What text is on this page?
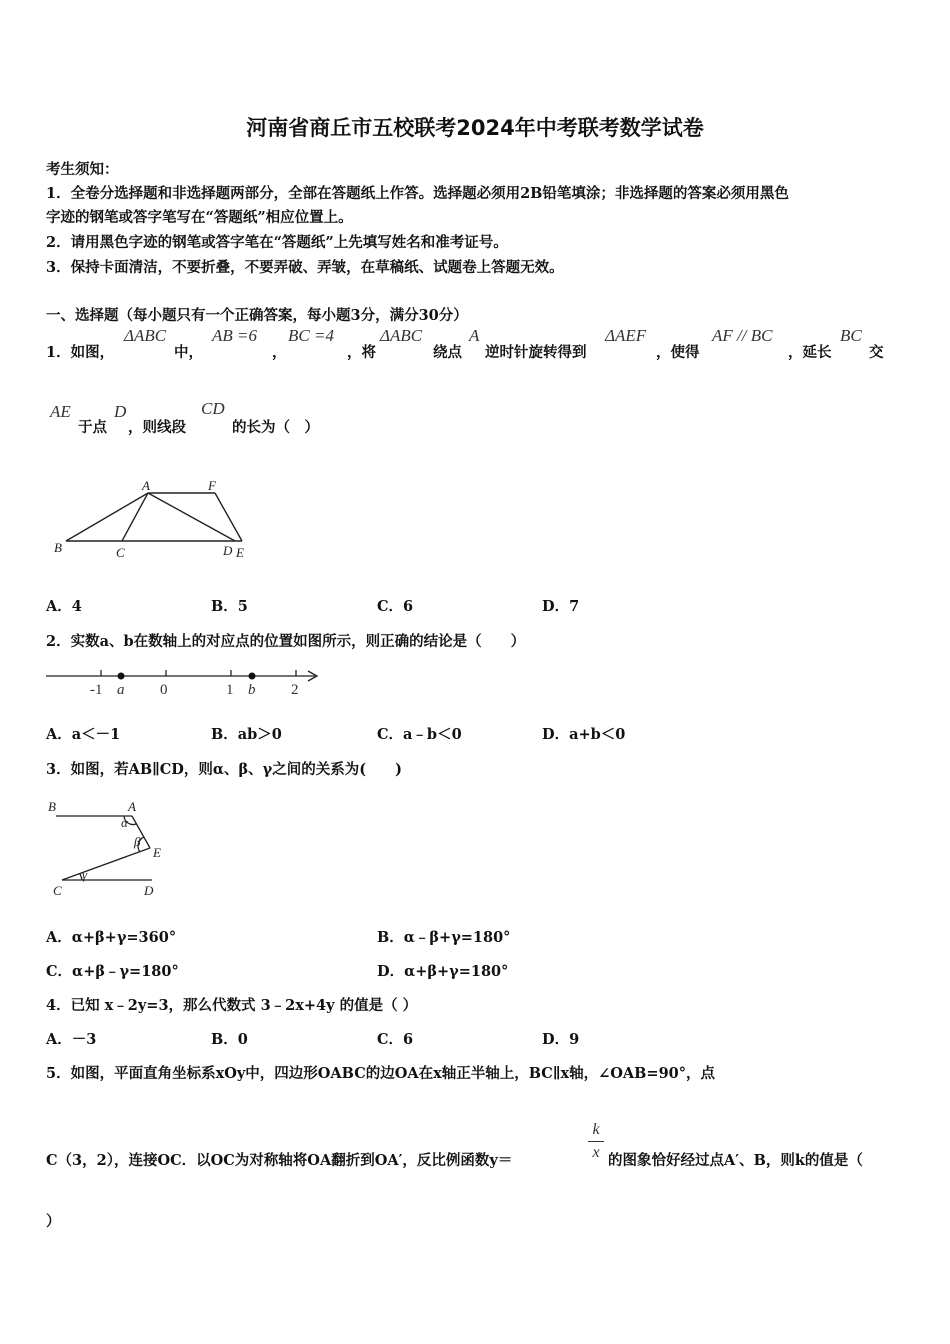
河南省商丘市五校联考2024年中考联考数学试卷
考生须知：
1．全卷分选择题和非选择题两部分，全部在答题纸上作答。选择题必须用2B铅笔填涂；非选择题的答案必须用黑色
字迹的钢笔或答字笔写在“答题纸”相应位置上。
2．请用黑色字迹的钢笔或答字笔在“答题纸”上先填写姓名和准考证号。
3．保持卡面清洁，不要折叠，不要弄破、弄皱，在草稿纸、试题卷上答题无效。
一、选择题（每小题只有一个正确答案，每小题3分，满分30分）
1．如图，
ΔABC
中，
AB =6
，
BC =4
，将
ΔABC
绕点
A
逆时针旋转得到
ΔAEF
，使得
AF // BC
，延长
BC
交
AE
于点
D
，则线段
CD
的长为（　）
A	F
B	C	D E
A．4	B．5	C．6	D．7
2．实数a、b在数轴上的对应点的位置如图所示，则正确的结论是（　　）
-1 a 0	1 b 2
A．a＜－1	B．ab＞0	C．a﹣b＜0	D．a+b＜0
3．如图，若AB∥CD，则α、β、γ之间的关系为(　　)
B	A
α
β
E
C
γ
D
A．α+β+γ=360°	B．α﹣β+γ=180°
C．α+β﹣γ=180°	D．α+β+γ=180°
4．已知 x﹣2y=3，那么代数式 3﹣2x+4y 的值是（ ）
A．－3	B．0	C．6	D．9
5．如图，平面直角坐标系xOy中，四边形OABC的边OA在x轴正半轴上，BC∥x轴，∠OAB=90°，点
C（3，2），连接OC．以OC为对称轴将OA翻折到OA′，反比例函数y＝
k
x 的图象恰好经过点A′、B，则k的值是（
）
